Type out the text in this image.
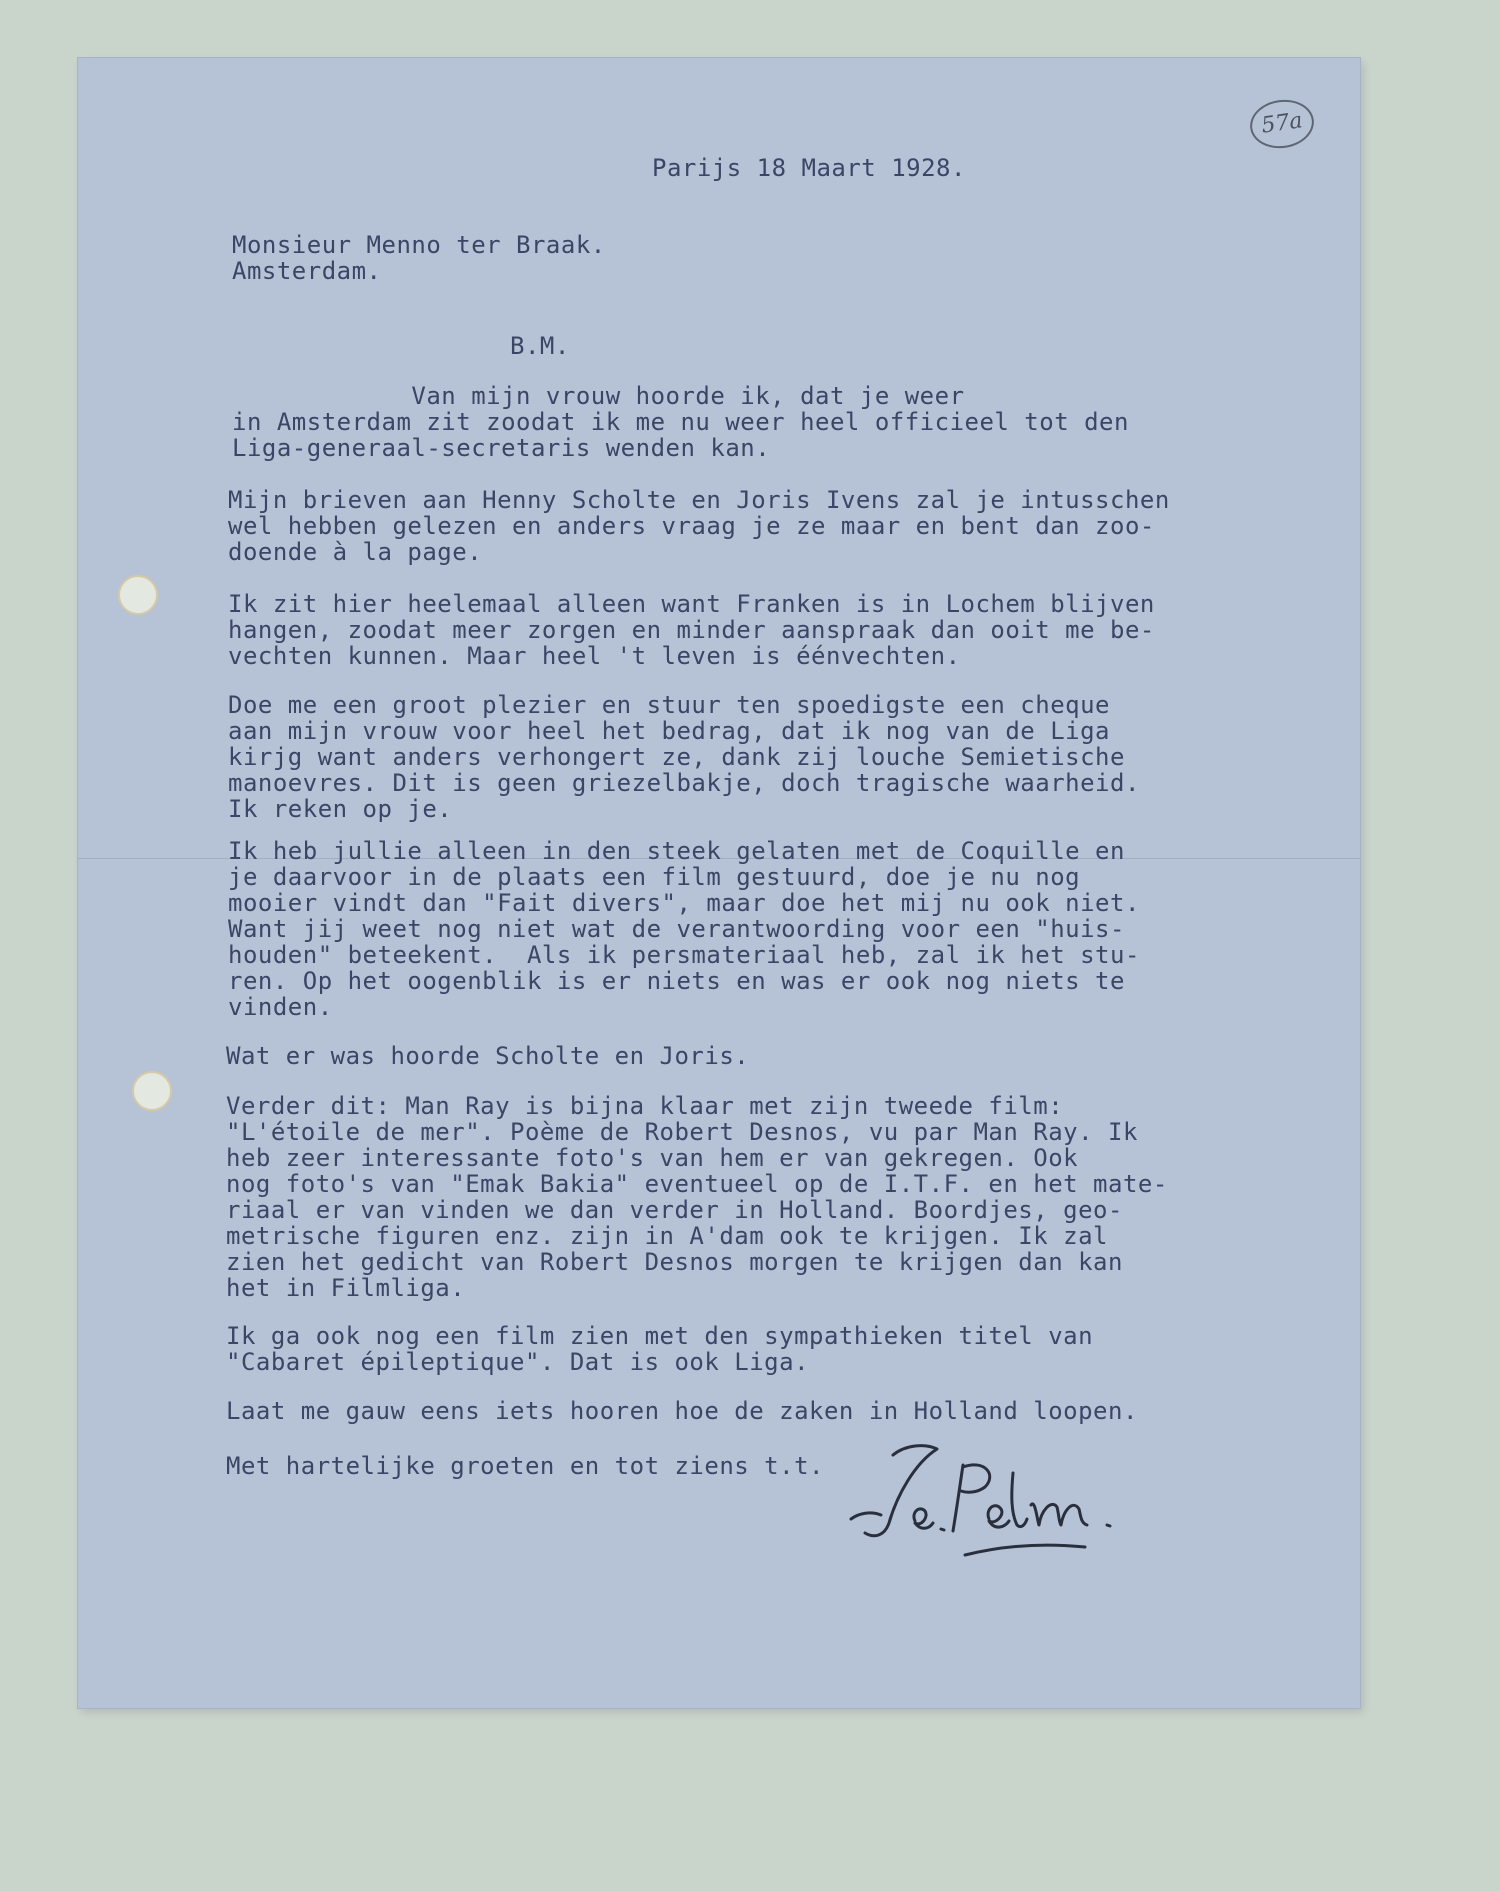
57a
Parijs 18 Maart 1928.
Monsieur Menno ter Braak.
Amsterdam.
B.M.
Van mijn vrouw hoorde ik, dat je weer
in Amsterdam zit zoodat ik me nu weer heel officieel tot den
Liga-generaal-secretaris wenden kan.
Mijn brieven aan Henny Scholte en Joris Ivens zal je intusschen
wel hebben gelezen en anders vraag je ze maar en bent dan zoo-
doende à la page.
Ik zit hier heelemaal alleen want Franken is in Lochem blijven
hangen, zoodat meer zorgen en minder aanspraak dan ooit me be-
vechten kunnen. Maar heel 't leven is éénvechten.
Doe me een groot plezier en stuur ten spoedigste een cheque
aan mijn vrouw voor heel het bedrag, dat ik nog van de Liga
kirjg want anders verhongert ze, dank zij louche Semietische
manoevres. Dit is geen griezelbakje, doch tragische waarheid.
Ik reken op je.
Ik heb jullie alleen in den steek gelaten met de Coquille en
je daarvoor in de plaats een film gestuurd, doe je nu nog
mooier vindt dan "Fait divers", maar doe het mij nu ook niet.
Want jij weet nog niet wat de verantwoording voor een "huis-
houden" beteekent.  Als ik persmateriaal heb, zal ik het stu-
ren. Op het oogenblik is er niets en was er ook nog niets te
vinden.
Wat er was hoorde Scholte en Joris.
Verder dit: Man Ray is bijna klaar met zijn tweede film:
"L'étoile de mer". Poème de Robert Desnos, vu par Man Ray. Ik
heb zeer interessante foto's van hem er van gekregen. Ook
nog foto's van "Emak Bakia" eventueel op de I.T.F. en het mate-
riaal er van vinden we dan verder in Holland. Boordjes, geo-
metrische figuren enz. zijn in A'dam ook te krijgen. Ik zal
zien het gedicht van Robert Desnos morgen te krijgen dan kan
het in Filmliga.
Ik ga ook nog een film zien met den sympathieken titel van
"Cabaret épileptique". Dat is ook Liga.
Laat me gauw eens iets hooren hoe de zaken in Holland loopen.
Met hartelijke groeten en tot ziens t.t.
